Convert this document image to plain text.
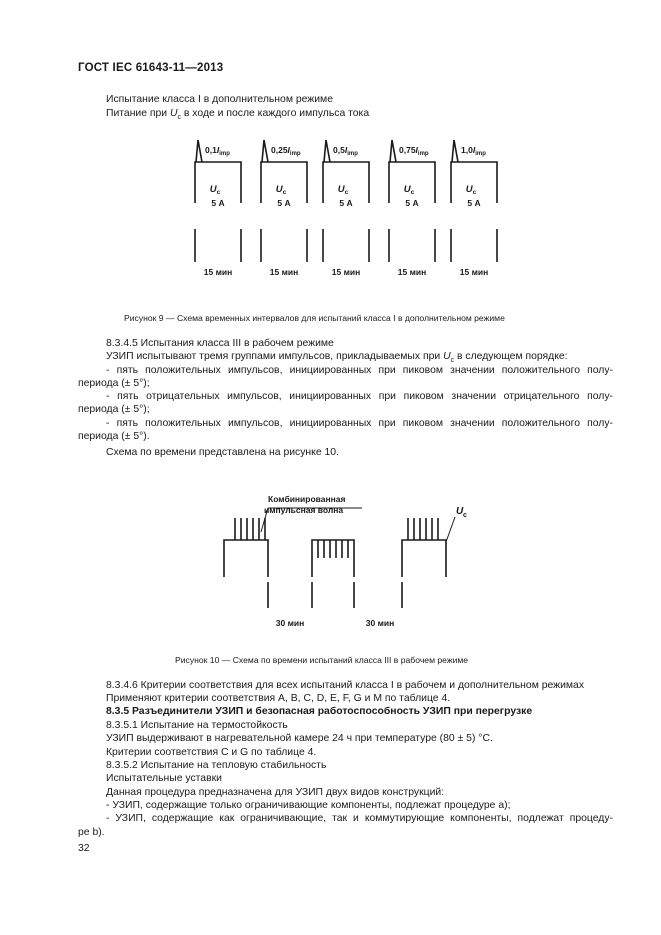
ГОСТ IEC 61643-11—2013
Испытание класса I в дополнительном режиме
Питание при $U_c$ в ходе и после каждого импульса тока
$0,1I_{imp}$
$U_c$
5 А
15 мин
$0,25I_{imp}$
$U_c$
5 А
15 мин
$0,5I_{imp}$
$U_c$
5 А
15 мин
$0,75I_{imp}$
$U_c$
5 А
15 мин
$1,0I_{imp}$
$U_c$
5 А
15 мин
Рисунок 9 — Схема временных интервалов для испытаний класса I в дополнительном режиме
8.3.4.5 Испытания класса III в рабочем режиме
УЗИП испытывают тремя группами импульсов, прикладываемых при $U_c$ в следующем порядке:
- пять положительных импульсов, инициированных при пиковом значении положительного полу-
периода (± 5°);
- пять отрицательных импульсов, инициированных при пиковом значении отрицательного полу-
периода (± 5°);
- пять положительных импульсов, инициированных при пиковом значении положительного полу-
периода (± 5°).
Схема по времени представлена на рисунке 10.
Комбинированная
импульсная волна	U c
30 мин	30 мин
Рисунок 10 — Схема по времени испытаний класса III в рабочем режиме
8.3.4.6 Критерии соответствия для всех испытаний класса I в рабочем и дополнительном режимах
Применяют критерии соответствия А, В, С, D, Е, F, G и М по таблице 4.
8.3.5 Разъединители УЗИП и безопасная работоспособность УЗИП при перегрузке
8.3.5.1 Испытание на термостойкость
УЗИП выдерживают в нагревательной камере 24 ч при температуре (80 ± 5) °С.
Критерии соответствия С и G по таблице 4.
8.3.5.2 Испытание на тепловую стабильность
Испытательные уставки
Данная процедура предназначена для УЗИП двух видов конструкций:
- УЗИП, содержащие только ограничивающие компоненты, подлежат процедуре а);
- УЗИП, содержащие как ограничивающие, так и коммутирующие компоненты, подлежат процеду-
ре b).
32
